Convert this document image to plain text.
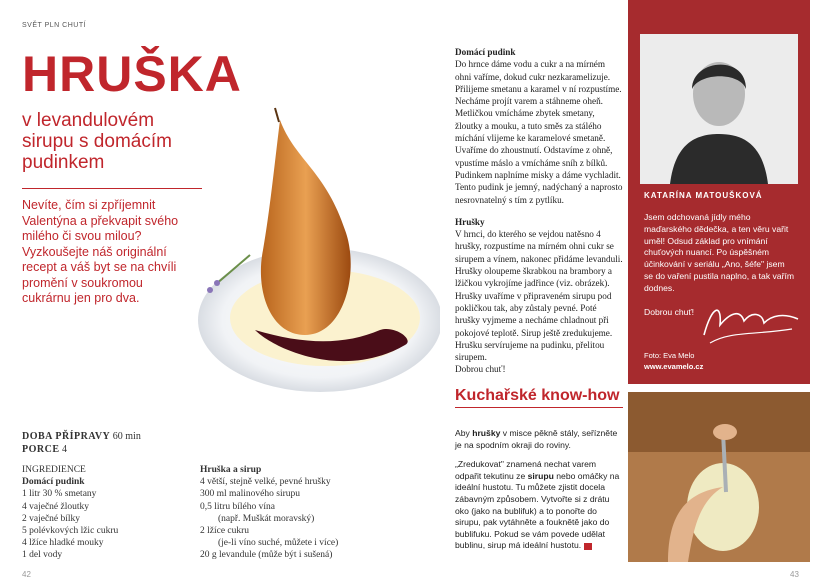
SVĚT PLN CHUTÍ
HRUŠKA
v levandulovém sirupu s domácím pudinkem
Nevíte, čím si zpříjemnit Valentýna a překvapit svého milého či svou milou? Vyzkoušejte náš originální recept a váš byt se na chvíli promění v soukromou cukrárnu jen pro dva.
DOBA PŘÍPRAVY 60 min
PORCE 4
INGREDIENCE
Domácí pudink
1 litr 30 % smetany
4 vaječné žloutky
2 vaječné bílky
5 polévkových lžic cukru
4 lžíce hladké mouky
1 del vody
Hruška a sirup
4 větší, stejně velké, pevné hrušky
300 ml malinového sirupu
0,5 litru bílého vína
(např. Muškát moravský)
2 lžíce cukru
(je-li víno suché, můžete i více)
20 g levandule (může být i sušená)
42	43

Domácí pudink
Do hrnce dáme vodu a cukr a na mírném ohni vaříme, dokud cukr nezkaramelizuje. Přilijeme smetanu a karamel v ní rozpustíme. Necháme projít varem a stáhneme oheň. Metličkou vmícháme zbytek smetany, žloutky a mouku, a tuto směs za stálého míchání vlijeme ke karamelové smetaně. Uvaříme do zhoustnutí. Odstavíme z ohně, vpustíme máslo a vmícháme sníh z bílků. Pudinkem naplníme misky a dáme vychladit. Tento pudink je jemný, nadýchaný a naprosto nesrovnatelný s tím z pytlíku.

Hrušky
V hrnci, do kterého se vejdou natěsno 4 hrušky, rozpustíme na mírném ohni cukr se sirupem a vínem, nakonec přidáme levanduli. Hrušky oloupeme škrabkou na brambory a lžičkou vykrojíme jadřince (viz. obrázek). Hrušky uvaříme v připraveném sirupu pod pokličkou tak, aby zůstaly pevné. Poté hrušky vyjmeme a necháme chladnout při pokojové teplotě. Sirup ještě zredukujeme. Hrušku servírujeme na pudinku, přelitou sirupem.
Dobrou chuť!

KATARÍNA MATOUŠKOVÁ
Jsem odchovaná jídly mého maďarského dědečka, a ten věru vařit uměl! Odsud základ pro vnímání chuťových nuancí. Po úspěšném účinkování v seriálu „Ano, šéfe" jsem se do vaření pustila naplno, a tak vařím dodnes.
Dobrou chuť!
Foto: Eva Melo
www.evamelo.cz
Kuchařské know-how

Aby hrušky v misce pěkně stály, seřízněte je na spodním okraji do roviny.

„Zredukovat" znamená nechat varem odpařit tekutinu ze sirupu nebo omáčky na ideální hustotu. Tu můžete zjistit docela zábavným způsobem. Vytvořte si z drátu oko (jako na bublifuk) a to ponořte do sirupu, pak vytáhněte a fouknětě jako do bublifuku. Pokud se vám povede udělat bublinu, sirup má ideální hustotu.
